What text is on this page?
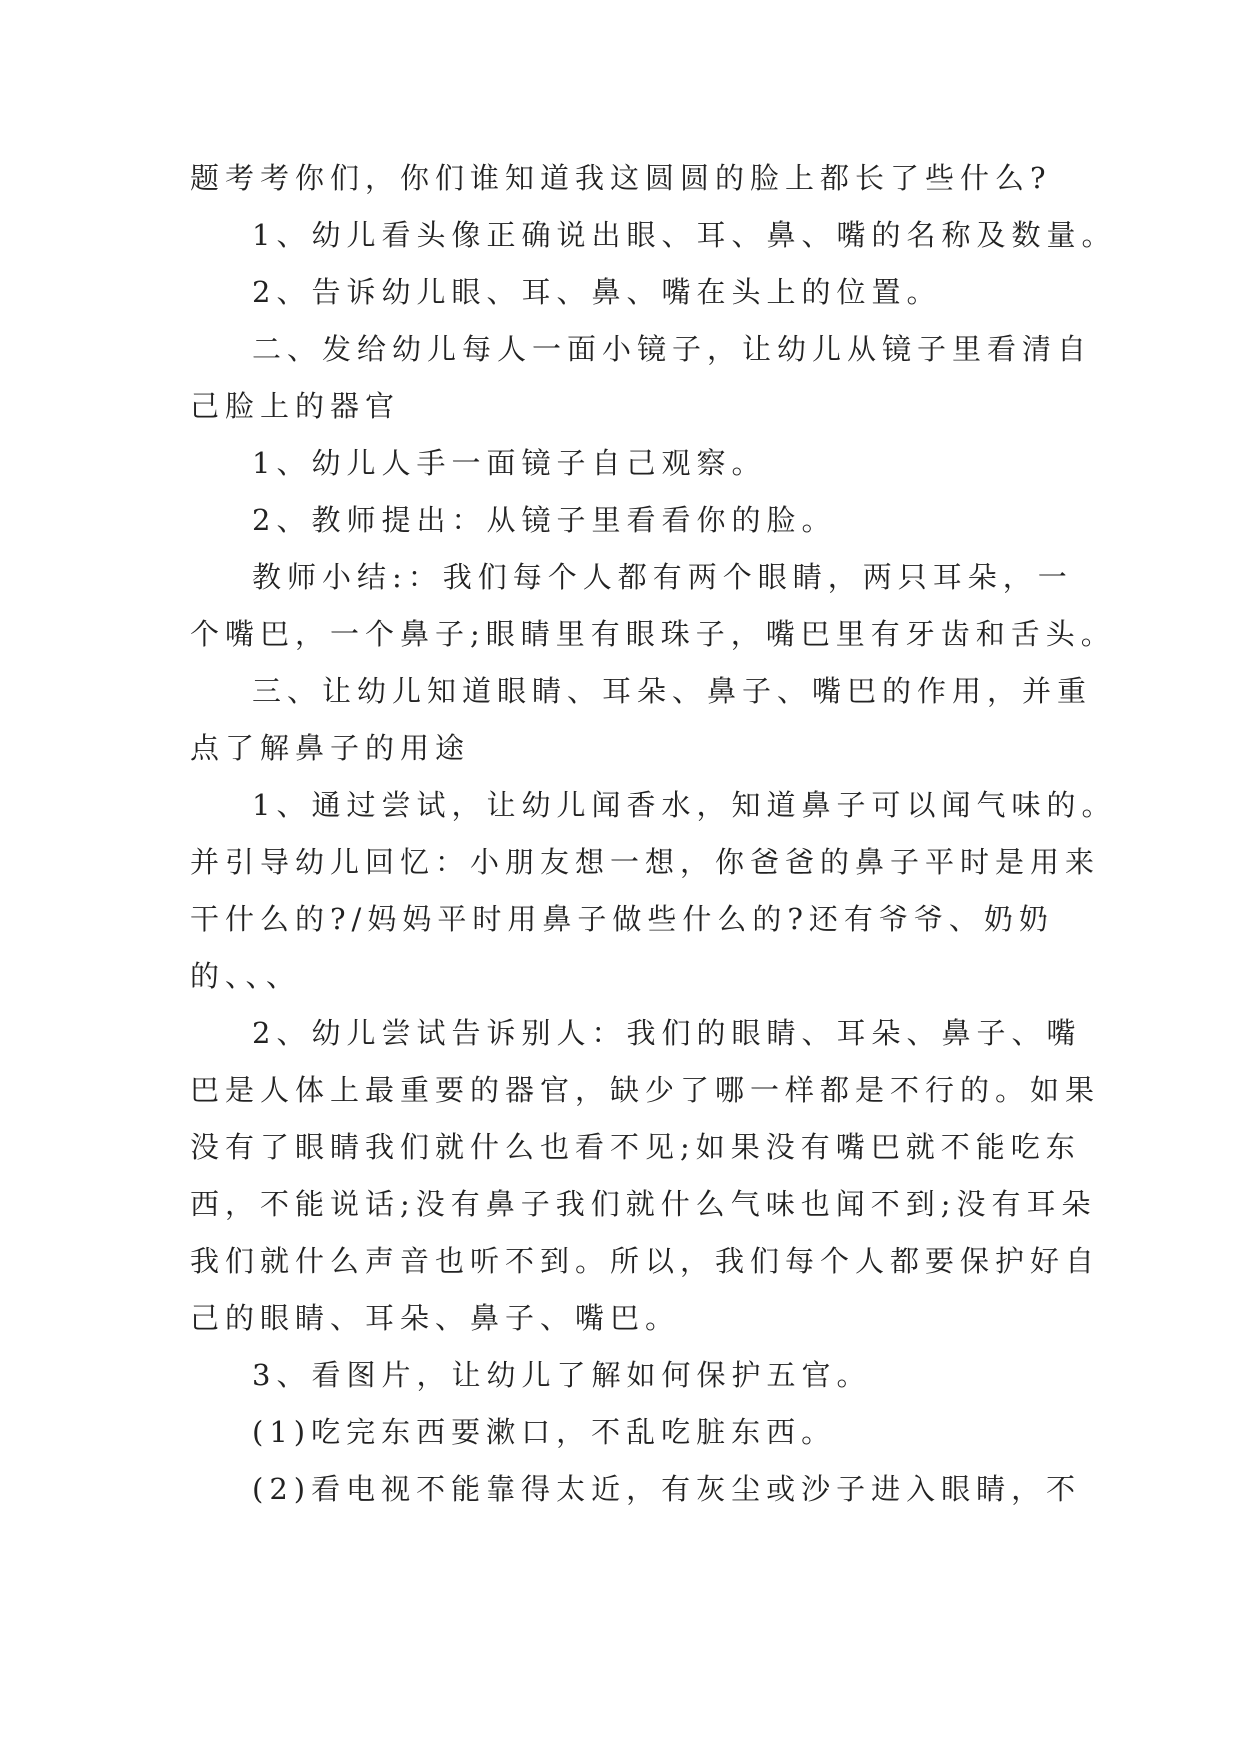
题考考你们，你们谁知道我这圆圆的脸上都长了些什么?
1、幼儿看头像正确说出眼、耳、鼻、嘴的名称及数量。
2、告诉幼儿眼、耳、鼻、嘴在头上的位置。
二、发给幼儿每人一面小镜子，让幼儿从镜子里看清自
己脸上的器官
1、幼儿人手一面镜子自己观察。
2、教师提出：从镜子里看看你的脸。
教师小结:：我们每个人都有两个眼睛，两只耳朵，一
个嘴巴，一个鼻子;眼睛里有眼珠子，嘴巴里有牙齿和舌头。
三、让幼儿知道眼睛、耳朵、鼻子、嘴巴的作用，并重
点了解鼻子的用途
1、通过尝试，让幼儿闻香水，知道鼻子可以闻气味的。
并引导幼儿回忆：小朋友想一想，你爸爸的鼻子平时是用来
干什么的?/妈妈平时用鼻子做些什么的?还有爷爷、奶奶
的、、、
2、幼儿尝试告诉别人：我们的眼睛、耳朵、鼻子、嘴
巴是人体上最重要的器官，缺少了哪一样都是不行的。如果
没有了眼睛我们就什么也看不见;如果没有嘴巴就不能吃东
西，不能说话;没有鼻子我们就什么气味也闻不到;没有耳朵
我们就什么声音也听不到。所以，我们每个人都要保护好自
己的眼睛、耳朵、鼻子、嘴巴。
3、看图片，让幼儿了解如何保护五官。
(1)吃完东西要漱口，不乱吃脏东西。
(2)看电视不能靠得太近，有灰尘或沙子进入眼睛，不
